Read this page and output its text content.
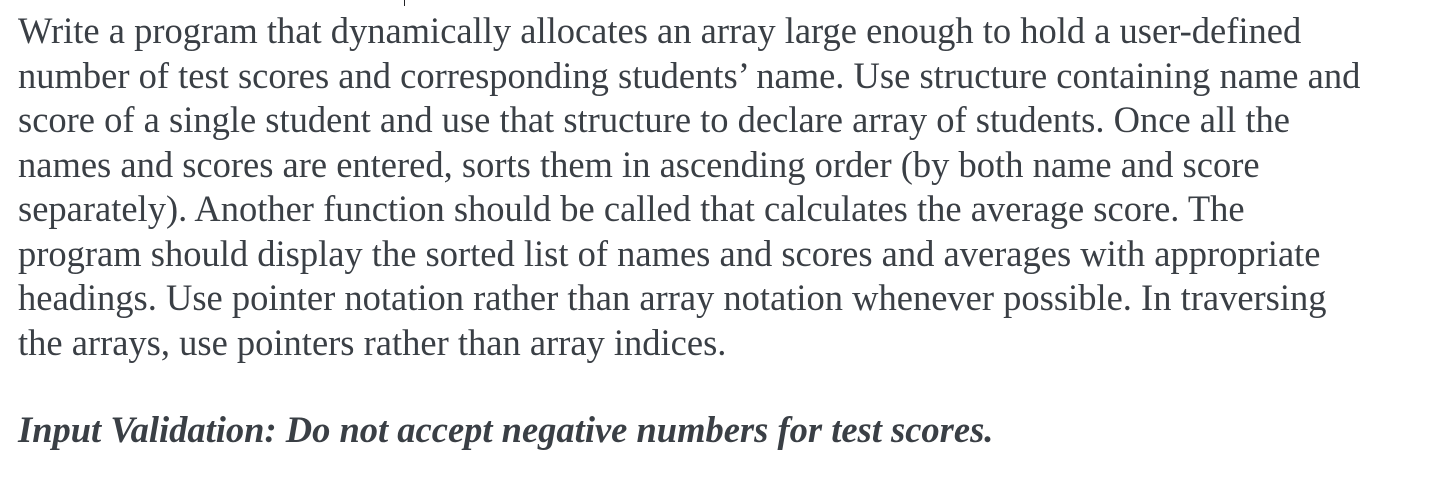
Write a program that dynamically allocates an array large enough to hold a user-defined
number of test scores and corresponding students’ name. Use structure containing name and
score of a single student and use that structure to declare array of students. Once all the
names and scores are entered, sorts them in ascending order (by both name and score
separately). Another function should be called that calculates the average score. The
program should display the sorted list of names and scores and averages with appropriate
headings. Use pointer notation rather than array notation whenever possible. In traversing
the arrays, use pointers rather than array indices.
Input Validation: Do not accept negative numbers for test scores.
